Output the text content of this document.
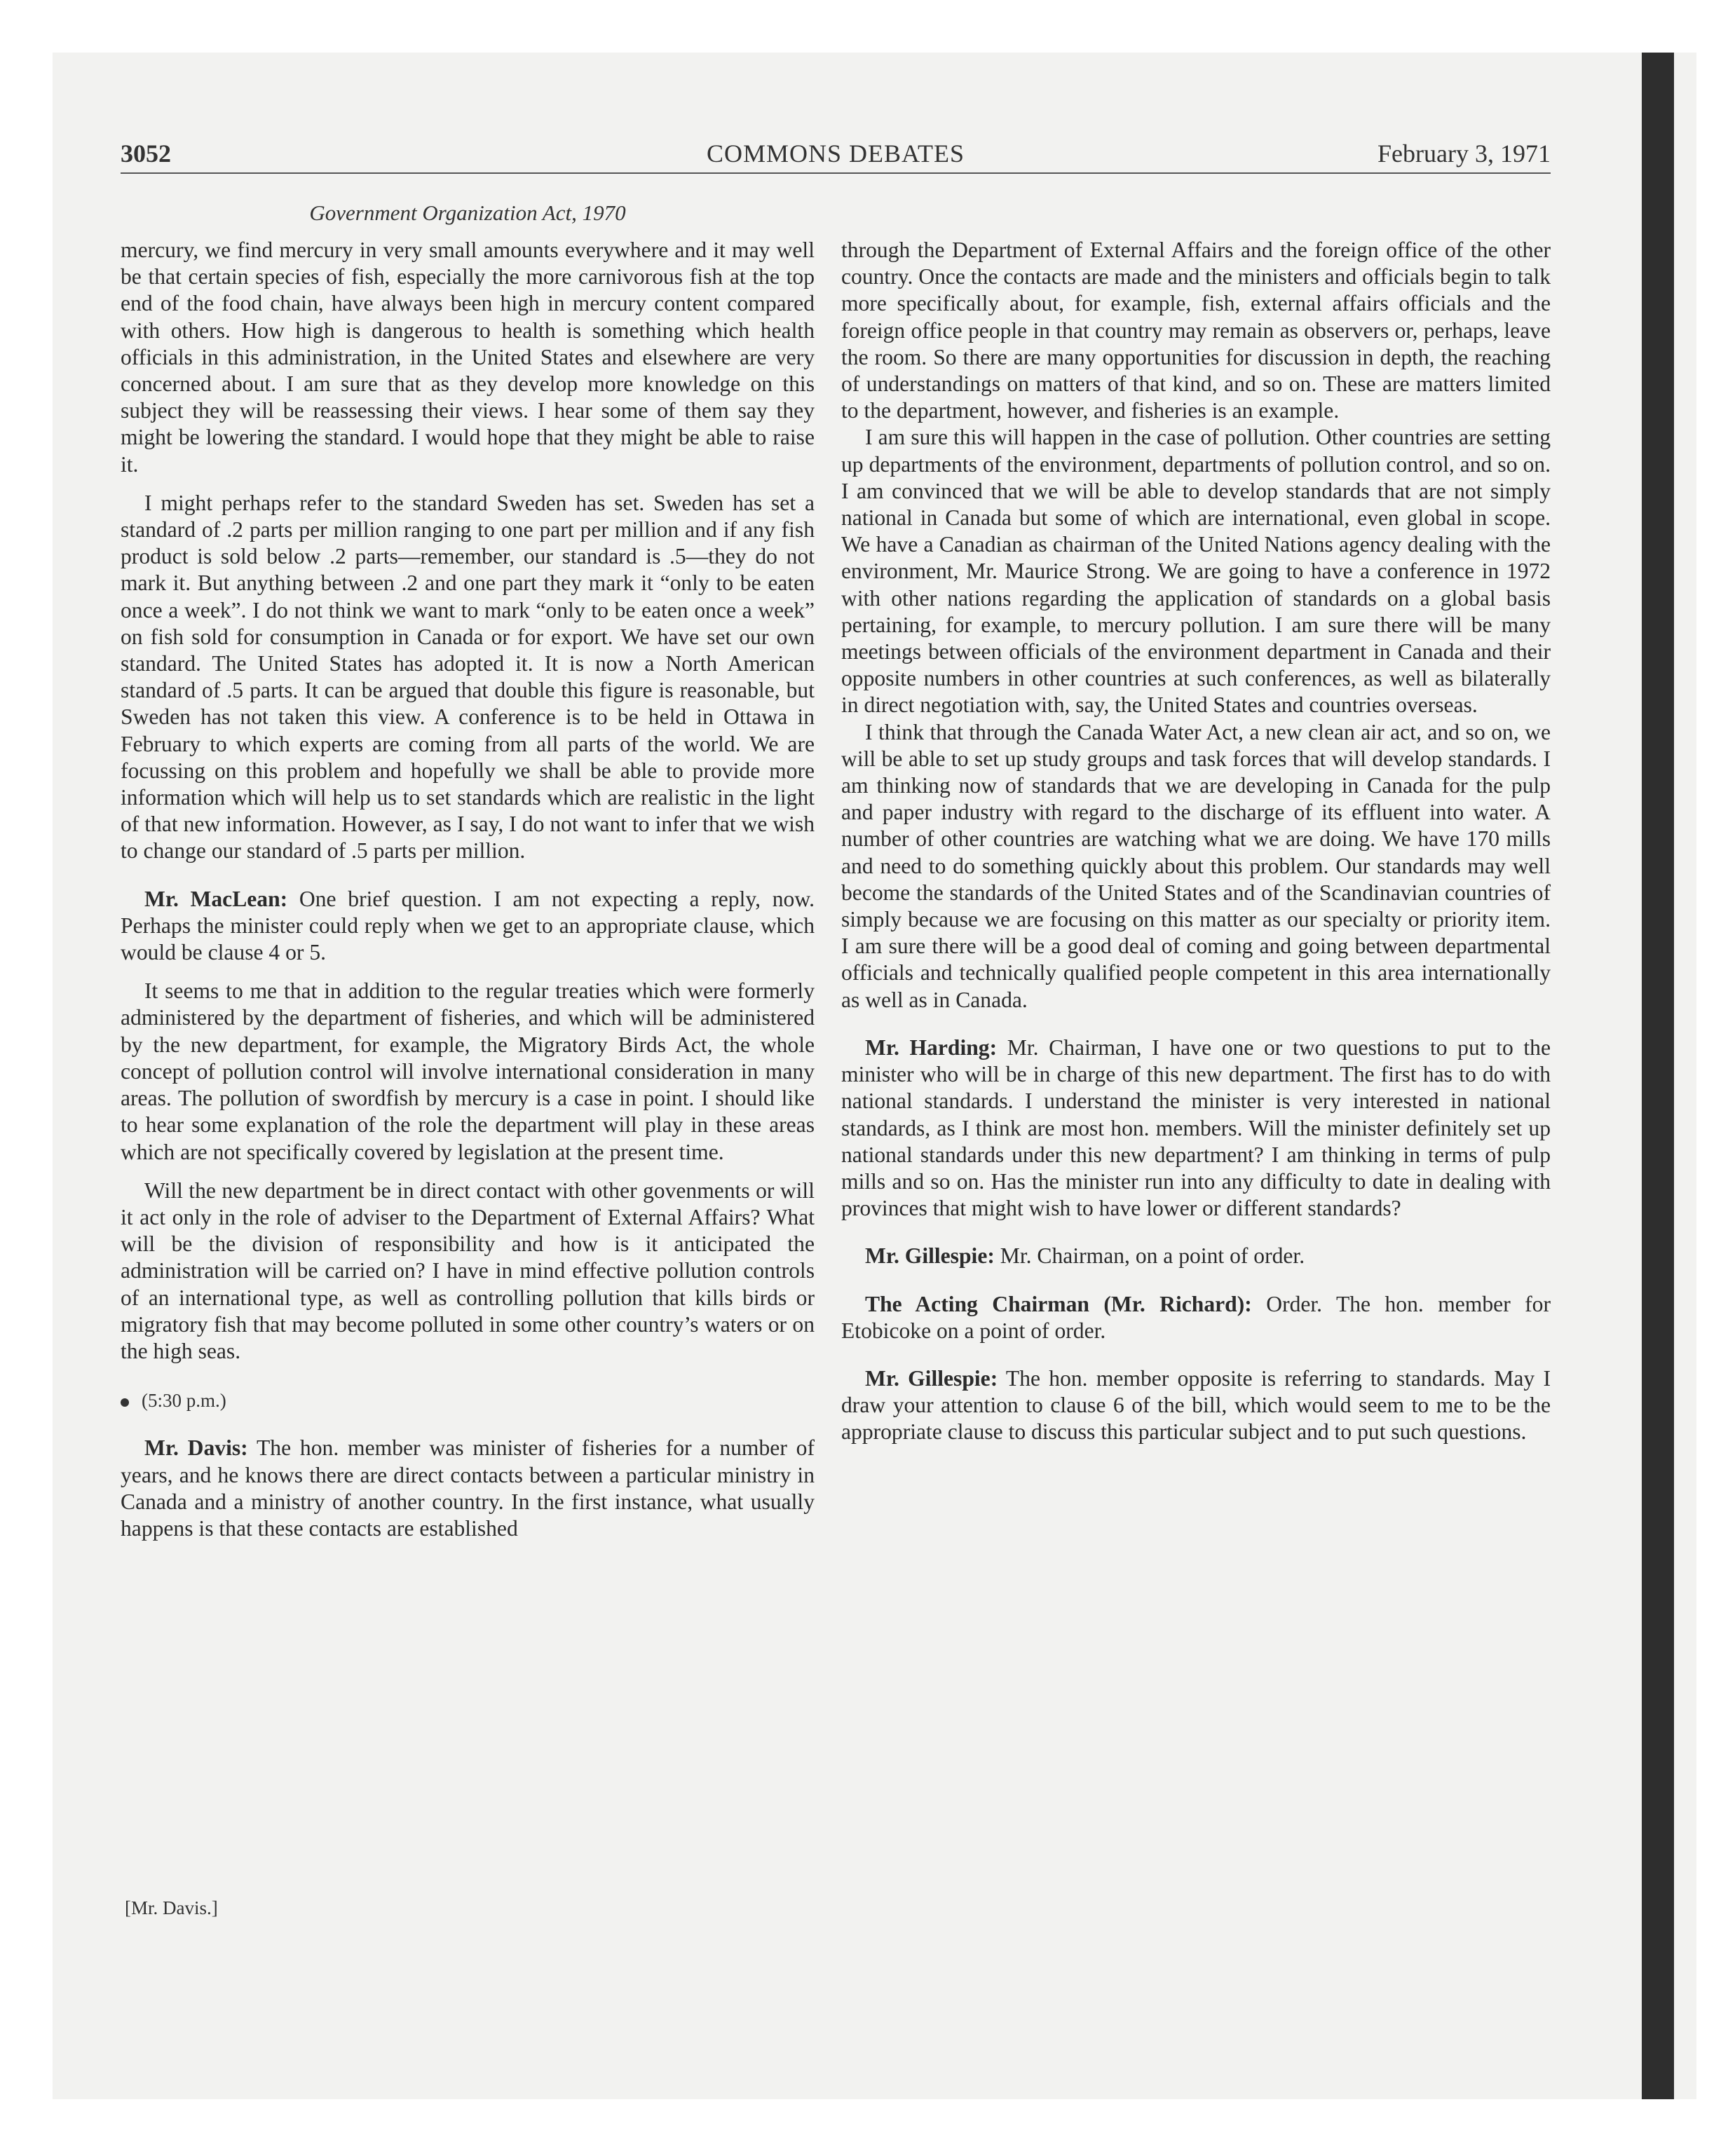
3052	COMMONS DEBATES	February 3, 1971
Government Organization Act, 1970

mercury, we find mercury in very small amounts everywhere and it may well be that certain species of fish, especially the more carnivorous fish at the top end of the food chain, have always been high in mercury content compared with others. How high is dangerous to health is something which health officials in this administration, in the United States and elsewhere are very concerned about. I am sure that as they develop more knowledge on this subject they will be reassessing their views. I hear some of them say they might be lowering the standard. I would hope that they might be able to raise it.

I might perhaps refer to the standard Sweden has set. Sweden has set a standard of .2 parts per million ranging to one part per million and if any fish product is sold below .2 parts—remember, our standard is .5—they do not mark it. But anything between .2 and one part they mark it “only to be eaten once a week”. I do not think we want to mark “only to be eaten once a week” on fish sold for consumption in Canada or for export. We have set our own standard. The United States has adopted it. It is now a North American standard of .5 parts. It can be argued that double this figure is reasonable, but Sweden has not taken this view. A conference is to be held in Ottawa in February to which experts are coming from all parts of the world. We are focussing on this problem and hopefully we shall be able to provide more information which will help us to set standards which are realistic in the light of that new information. However, as I say, I do not want to infer that we wish to change our standard of .5 parts per million.

Mr. MacLean: One brief question. I am not expecting a reply, now. Perhaps the minister could reply when we get to an appropriate clause, which would be clause 4 or 5.

It seems to me that in addition to the regular treaties which were formerly administered by the department of fisheries, and which will be administered by the new department, for example, the Migratory Birds Act, the whole concept of pollution control will involve international consideration in many areas. The pollution of swordfish by mercury is a case in point. I should like to hear some explanation of the role the department will play in these areas which are not specifically covered by legislation at the present time.

Will the new department be in direct contact with other govenments or will it act only in the role of adviser to the Department of External Affairs? What will be the division of responsibility and how is it anticipated the administration will be carried on? I have in mind effective pollution controls of an international type, as well as controlling pollution that kills birds or migratory fish that may become polluted in some other country’s waters or on the high seas.

(5:30 p.m.)

Mr. Davis: The hon. member was minister of fisheries for a number of years, and he knows there are direct contacts between a particular ministry in Canada and a ministry of another country. In the first instance, what usually happens is that these contacts are established

[Mr. Davis.]

through the Department of External Affairs and the foreign office of the other country. Once the contacts are made and the ministers and officials begin to talk more specifically about, for example, fish, external affairs officials and the foreign office people in that country may remain as observers or, perhaps, leave the room. So there are many opportunities for discussion in depth, the reaching of understandings on matters of that kind, and so on. These are matters limited to the department, however, and fisheries is an example.

I am sure this will happen in the case of pollution. Other countries are setting up departments of the environment, departments of pollution control, and so on. I am convinced that we will be able to develop standards that are not simply national in Canada but some of which are international, even global in scope. We have a Canadian as chairman of the United Nations agency dealing with the environment, Mr. Maurice Strong. We are going to have a conference in 1972 with other nations regarding the application of standards on a global basis pertaining, for example, to mercury pollution. I am sure there will be many meetings between officials of the environment department in Canada and their opposite numbers in other countries at such conferences, as well as bilaterally in direct negotiation with, say, the United States and countries overseas.

I think that through the Canada Water Act, a new clean air act, and so on, we will be able to set up study groups and task forces that will develop standards. I am thinking now of standards that we are developing in Canada for the pulp and paper industry with regard to the discharge of its effluent into water. A number of other countries are watching what we are doing. We have 170 mills and need to do something quickly about this problem. Our standards may well become the standards of the United States and of the Scandinavian countries of simply because we are focusing on this matter as our specialty or priority item. I am sure there will be a good deal of coming and going between departmental officials and technically qualified people competent in this area internationally as well as in Canada.

Mr. Harding: Mr. Chairman, I have one or two questions to put to the minister who will be in charge of this new department. The first has to do with national standards. I understand the minister is very interested in national standards, as I think are most hon. members. Will the minister definitely set up national standards under this new department? I am thinking in terms of pulp mills and so on. Has the minister run into any difficulty to date in dealing with provinces that might wish to have lower or different standards?

Mr. Gillespie: Mr. Chairman, on a point of order.

The Acting Chairman (Mr. Richard): Order. The hon. member for Etobicoke on a point of order.

Mr. Gillespie: The hon. member opposite is referring to standards. May I draw your attention to clause 6 of the bill, which would seem to me to be the appropriate clause to discuss this particular subject and to put such questions.
